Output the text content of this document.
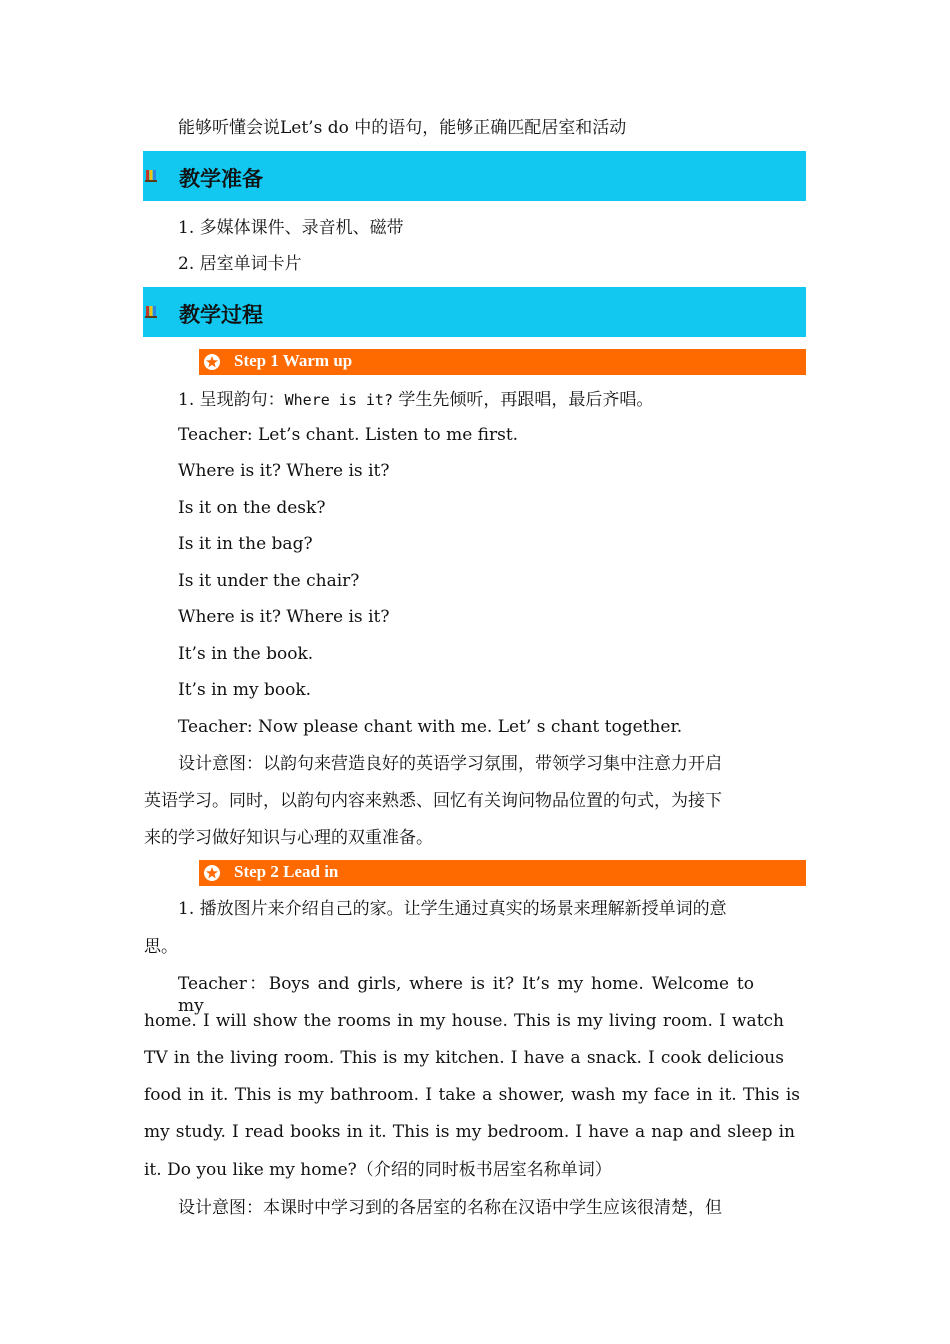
能够听懂会说Let’s do 中的语句，能够正确匹配居室和活动
教学准备
1. 多媒体课件、录音机、磁带
2. 居室单词卡片
教学过程
Step 1 Warm up
1. 呈现韵句：Where is it? 学生先倾听，再跟唱，最后齐唱。
Teacher: Let’s chant. Listen to me first.
Where is it? Where is it?
Is it on the desk?
Is it in the bag?
Is it under the chair?
Where is it? Where is it?
It’s in the book.
It’s in my book.
Teacher: Now please chant with me. Let’ s chant together.
设计意图：以韵句来营造良好的英语学习氛围，带领学习集中注意力开启
英语学习。同时，以韵句内容来熟悉、回忆有关询问物品位置的句式，为接下
来的学习做好知识与心理的双重准备。
Step 2 Lead in
1. 播放图片来介绍自己的家。让学生通过真实的场景来理解新授单词的意
思。
Teacher：Boys and girls, where is it? It’s my home. Welcome to my
home. I will show the rooms in my house. This is my living room. I watch
TV in the living room. This is my kitchen. I have a snack. I cook delicious
food in it. This is my bathroom. I take a shower, wash my face in it. This is
my study. I read books in it. This is my bedroom. I have a nap and sleep in
it. Do you like my home?（介绍的同时板书居室名称单词）
设计意图：本课时中学习到的各居室的名称在汉语中学生应该很清楚，但
